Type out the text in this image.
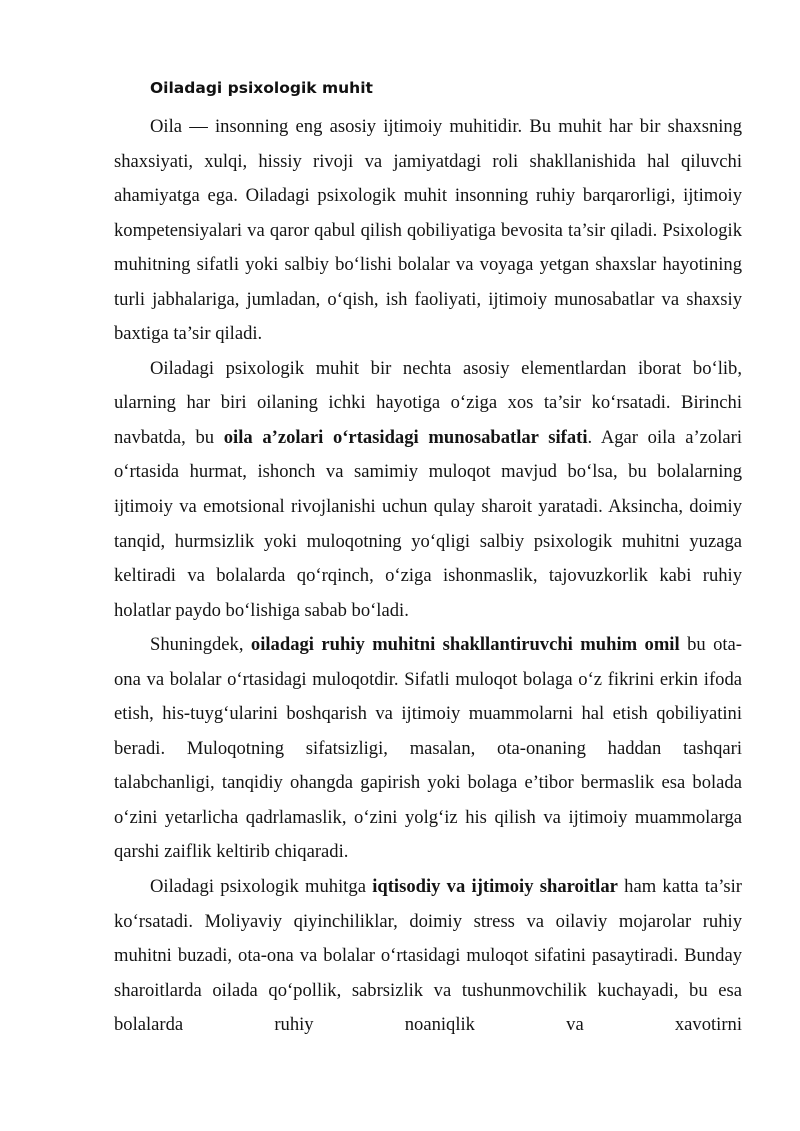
Oiladagi psixologik muhit

Oila — insonning eng asosiy ijtimoiy muhitidir. Bu muhit har bir shaxsning shaxsiyati, xulqi, hissiy rivoji va jamiyatdagi roli shakllanishida hal qiluvchi ahamiyatga ega. Oiladagi psixologik muhit insonning ruhiy barqarorligi, ijtimoiy kompetensiyalari va qaror qabul qilish qobiliyatiga bevosita ta’sir qiladi. Psixologik muhitning sifatli yoki salbiy bo‘lishi bolalar va voyaga yetgan shaxslar hayotining turli jabhalariga, jumladan, o‘qish, ish faoliyati, ijtimoiy munosabatlar va shaxsiy baxtiga ta’sir qiladi.

Oiladagi psixologik muhit bir nechta asosiy elementlardan iborat bo‘lib, ularning har biri oilaning ichki hayotiga o‘ziga xos ta’sir ko‘rsatadi. Birinchi navbatda, bu oila a’zolari o‘rtasidagi munosabatlar sifati. Agar oila a’zolari o‘rtasida hurmat, ishonch va samimiy muloqot mavjud bo‘lsa, bu bolalarning ijtimoiy va emotsional rivojlanishi uchun qulay sharoit yaratadi. Aksincha, doimiy tanqid, hurmsizlik yoki muloqotning yo‘qligi salbiy psixologik muhitni yuzaga keltiradi va bolalarda qo‘rqinch, o‘ziga ishonmaslik, tajovuzkorlik kabi ruhiy holatlar paydo bo‘lishiga sabab bo‘ladi.

Shuningdek, oiladagi ruhiy muhitni shakllantiruvchi muhim omil bu ota-ona va bolalar o‘rtasidagi muloqotdir. Sifatli muloqot bolaga o‘z fikrini erkin ifoda etish, his-tuyg‘ularini boshqarish va ijtimoiy muammolarni hal etish qobiliyatini beradi. Muloqotning sifatsizligi, masalan, ota-onaning haddan tashqari talabchanligi, tanqidiy ohangda gapirish yoki bolaga e’tibor bermaslik esa bolada o‘zini yetarlicha qadrlamaslik, o‘zini yolg‘iz his qilish va ijtimoiy muammolarga qarshi zaiflik keltirib chiqaradi.

Oiladagi psixologik muhitga iqtisodiy va ijtimoiy sharoitlar ham katta ta’sir ko‘rsatadi. Moliyaviy qiyinchiliklar, doimiy stress va oilaviy mojarolar ruhiy muhitni buzadi, ota-ona va bolalar o‘rtasidagi muloqot sifatini pasaytiradi. Bunday sharoitlarda oilada qo‘pollik, sabrsizlik va tushunmovchilik kuchayadi, bu esa bolalarda ruhiy noaniqlik va xavotirni
